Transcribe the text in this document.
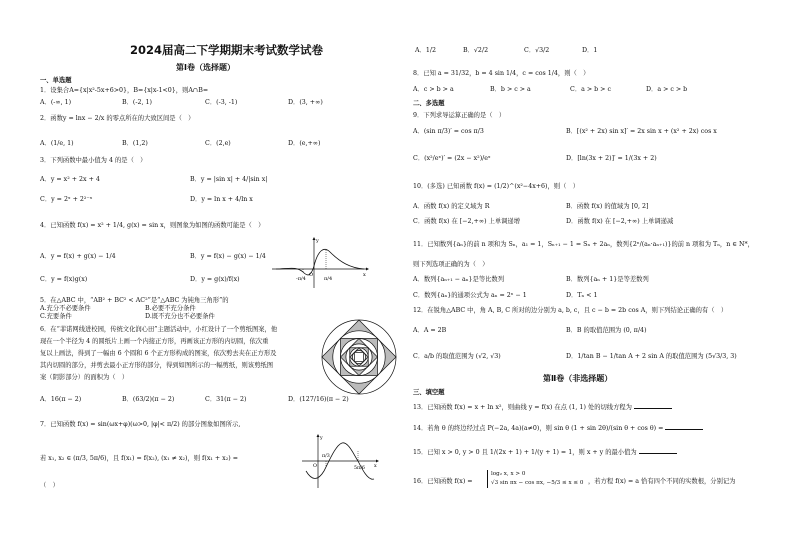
2024届高二下学期期末考试数学试卷
第Ⅰ卷（选择题）
一、单选题
1．设集合A={x|x²-5x+6>0}，B={x|x-1<0}，则A∩B=
A．(-∞, 1)	B．(-2, 1)	C．(-3, -1)	D．(3, +∞)
2．函数y = lnx − 2/x 的零点所在的大致区间是（　）
A．(1/e, 1)	B．(1,2)	C．(2,e)	D．(e,+∞)
3．下列函数中最小值为 4 的是（　）
A．y = x² + 2x + 4	B．y = |sin x| + 4/|sin x|
C．y = 2ˣ + 2²⁻ˣ	D．y = ln x + 4/ln x
4．已知函数 f(x) = x² + 1/4, g(x) = sin x，则图象为如图的函数可能是（　）
A．y = f(x) + g(x) − 1/4	B．y = f(x) − g(x) − 1/4
C．y = f(x)g(x)	D．y = g(x)/f(x)	-π/4	π/4
O	x
y
5．在△ABC 中，“AB² + BC² < AC²”是“△ABC 为钝角三角形”的
A.充分不必要条件	B.必要不充分条件
C.充要条件	D.既不充分也不必要条件
6．在“菲诺网线进校园，传统文化润心田”主题活动中，小红设计了一个剪纸图案，他
现在一个半径为 4 的圆纸片上画一个内接正方形，再画该正方形的内切圆，依次重
复以上画法，得到了一幅由 6 个圆和 6 个正方形构成的图案，依次剪去夹在正方形及
其内切圆的部分，并剪去最小正方形的部分，得到如图所示的一幅剪纸，则该剪纸图
案（阴影部分）的面积为（　）
A．16(π − 2)	B．(63/2)(π − 2)	C．31(π − 2)	D．(127/16)(π − 2)
7．已知函数 f(x) = sin(ωx+φ)(ω>0, |φ|< π/2) 的部分图象如图所示,
若 x₁, x₂ ∈ (π/3, 5π/6)，且 f(x₁) = f(x₂), (x₁ ≠ x₂)，则 f(x₁ + x₂) =
（　）
π/3
5π/6
O	x
y
A．1/2	B．√2/2	C．√3/2	D．1
8．已知 a = 31/32，b = 4 sin 1/4，c = cos 1/4，则（　）
A．c > b > a	B．b > c > a	C．a > b > c	D．a > c > b
二、多选题
9．下列求导运算正确的是（　）
A．(sin π/3)′ = cos π/3	B．[(x² + 2x) sin x]′ = 2x sin x + (x² + 2x) cos x
C．(x²/eˣ)′ = (2x − x²)/eˣ	D．[ln(3x + 2)]′ = 1/(3x + 2)
10．(多选) 已知函数 f(x) = (1/2)^(x²−4x+6)，则（　）
A．函数 f(x) 的定义域为 R	B．函数 f(x) 的值域为 [0, 2]
C．函数 f(x) 在 [−2,+∞) 上单调递增	D．函数 f(x) 在 [−2,+∞) 上单调递减
11．已知数列{aₙ}的前 n 项和为 Sₙ，a₁ = 1，Sₙ₊₁ − 1 = Sₙ + 2aₙ，数列{2ⁿ/(aₙ·aₙ₊₁)}的前 n 项和为 Tₙ，n ∈ N*，
则下列选项正确的为（　）
A．数列{aₙ₊₁ − aₙ}是等比数列	B．数列{aₙ + 1}是等差数列
C．数列{aₙ}的通项公式为 aₙ = 2ⁿ − 1	D．Tₙ < 1
12．在锐角△ABC 中，角 A, B, C 所对的边分别为 a, b, c，且 c − b = 2b cos A，则下列结论正确的有（　）
A．A = 2B	B．B 的取值范围为 (0, π/4)
C．a/b 的取值范围为 (√2, √3)	D．1/tan B − 1/tan A + 2 sin A 的取值范围为 (5√3/3, 3)
第Ⅱ卷（非选择题）
三、填空题
13．已知函数 f(x) = x + ln x²，则曲线 y = f(x) 在点 (1, 1) 处的切线方程为
14．若角 θ 的终边经过点 P(−2a, 4a)(a≠0)，则 sin θ (1 + sin 2θ)/(sin θ + cos θ) =
15．已知 x > 0, y > 0 且 1/(2x + 1) + 1/(y + 1) = 1，则 x + y 的最小值为
16．已知函数 f(x) =
log₂ x, x > 0
√3 sin πx − cos πx, −5/3 ≤ x ≤ 0 ，若方程 f(x) = a 恰有四个不同的实数根，分别记为
